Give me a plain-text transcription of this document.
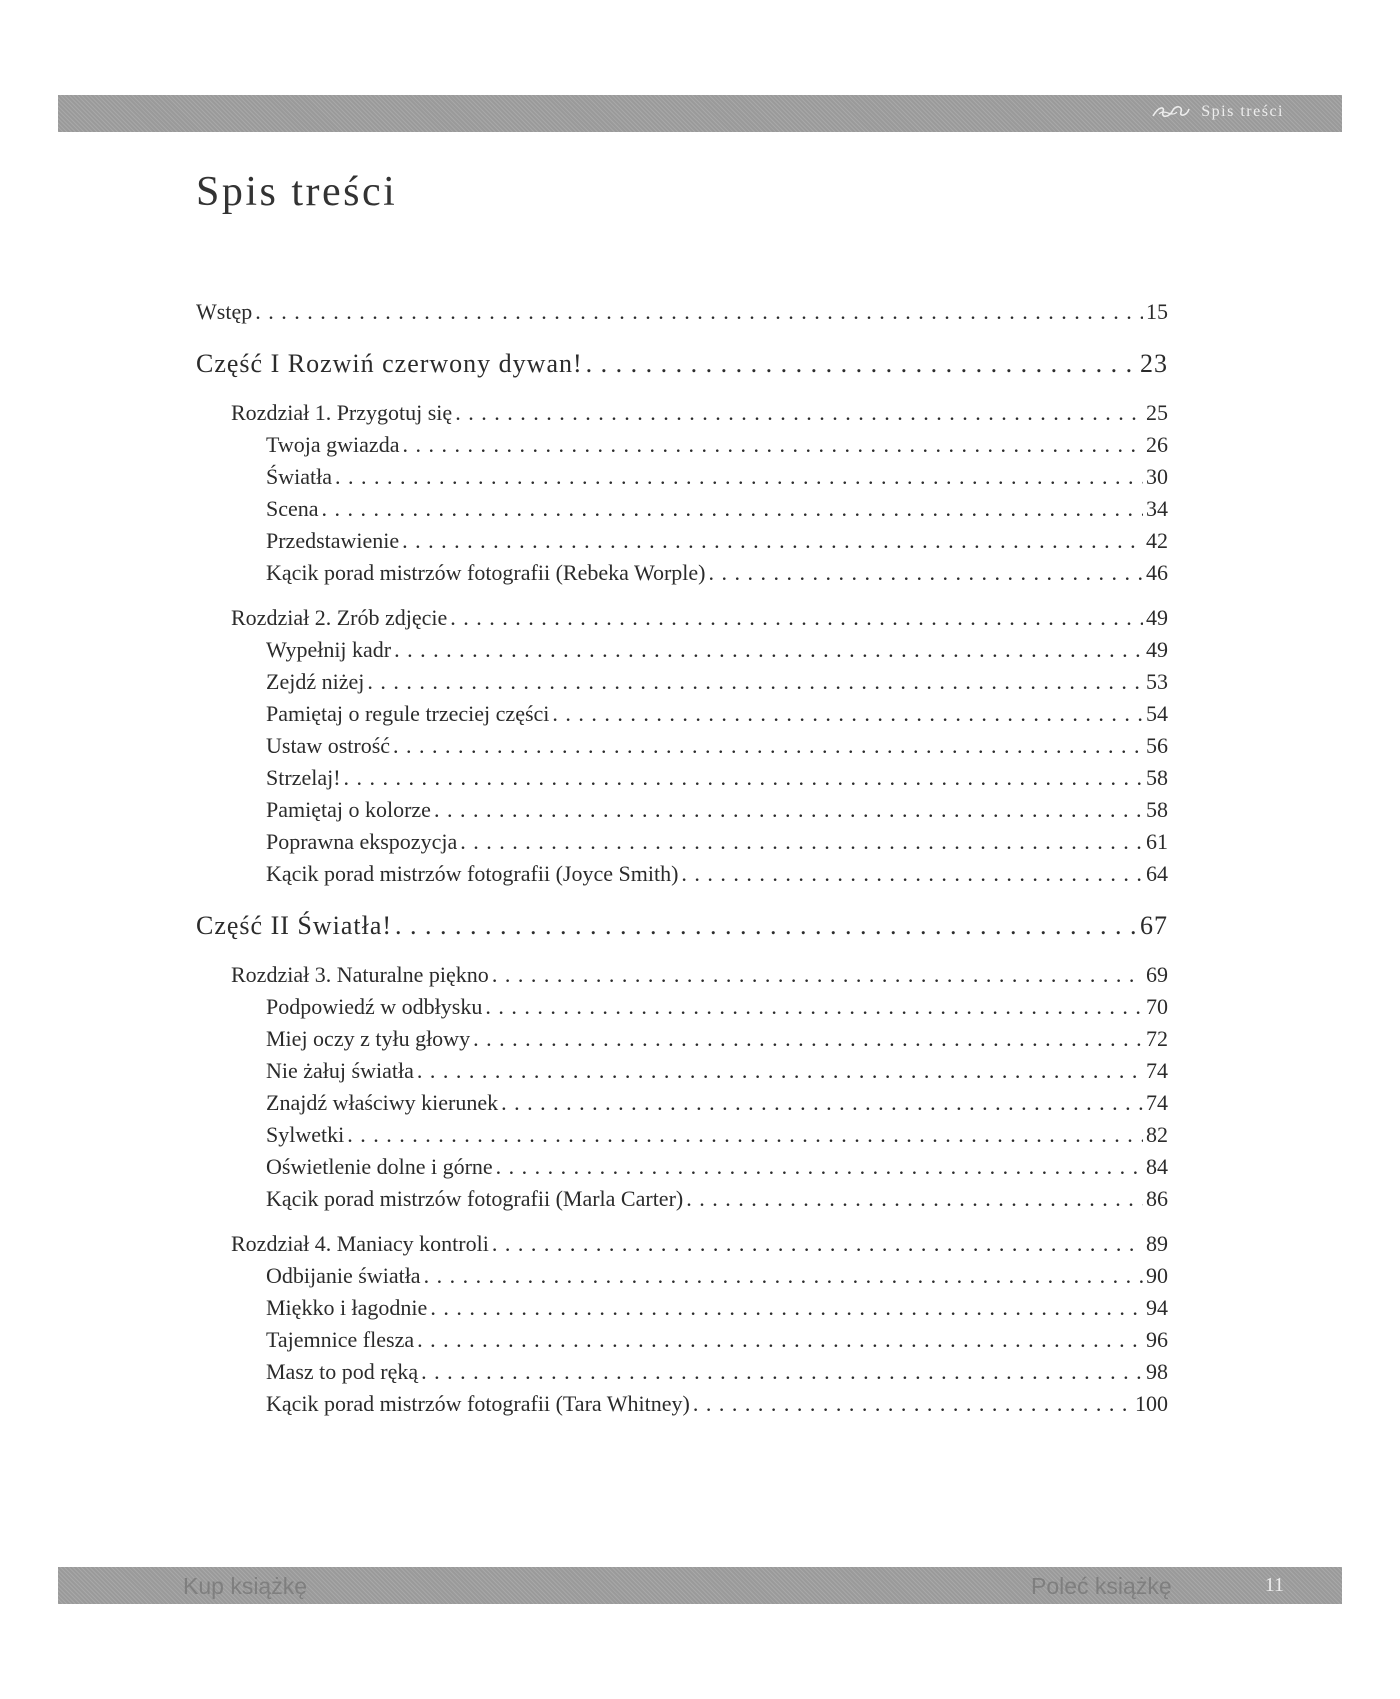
Spis treści
Spis treści
Wstęp . . .	15
Część I Rozwiń czerwony dywan! . . .	23
Rozdział 1. Przygotuj się . . .	25
Twoja gwiazda . . .	26
Światła . . .	30
Scena . . .	34
Przedstawienie . . .	42
Kącik porad mistrzów fotografii (Rebeka Worple) . . .	46
Rozdział 2. Zrób zdjęcie . . .	49
Wypełnij kadr . . .	49
Zejdź niżej . . .	53
Pamiętaj o regule trzeciej części . . .	54
Ustaw ostrość . . .	56
Strzelaj! . . .	58
Pamiętaj o kolorze . . .	58
Poprawna ekspozycja . . .	61
Kącik porad mistrzów fotografii (Joyce Smith) . . .	64
Część II Światła! . . .	67
Rozdział 3. Naturalne piękno . . .	69
Podpowiedź w odbłysku . . .	70
Miej oczy z tyłu głowy . . .	72
Nie żałuj światła . . .	74
Znajdź właściwy kierunek . . .	74
Sylwetki . . .	82
Oświetlenie dolne i górne . . .	84
Kącik porad mistrzów fotografii (Marla Carter) . . .	86
Rozdział 4. Maniacy kontroli . . .	89
Odbijanie światła . . .	90
Miękko i łagodnie . . .	94
Tajemnice flesza . . .	96
Masz to pod ręką . . .	98
Kącik porad mistrzów fotografii (Tara Whitney) . . .	100
Kup książkę	Poleć książkę	11
